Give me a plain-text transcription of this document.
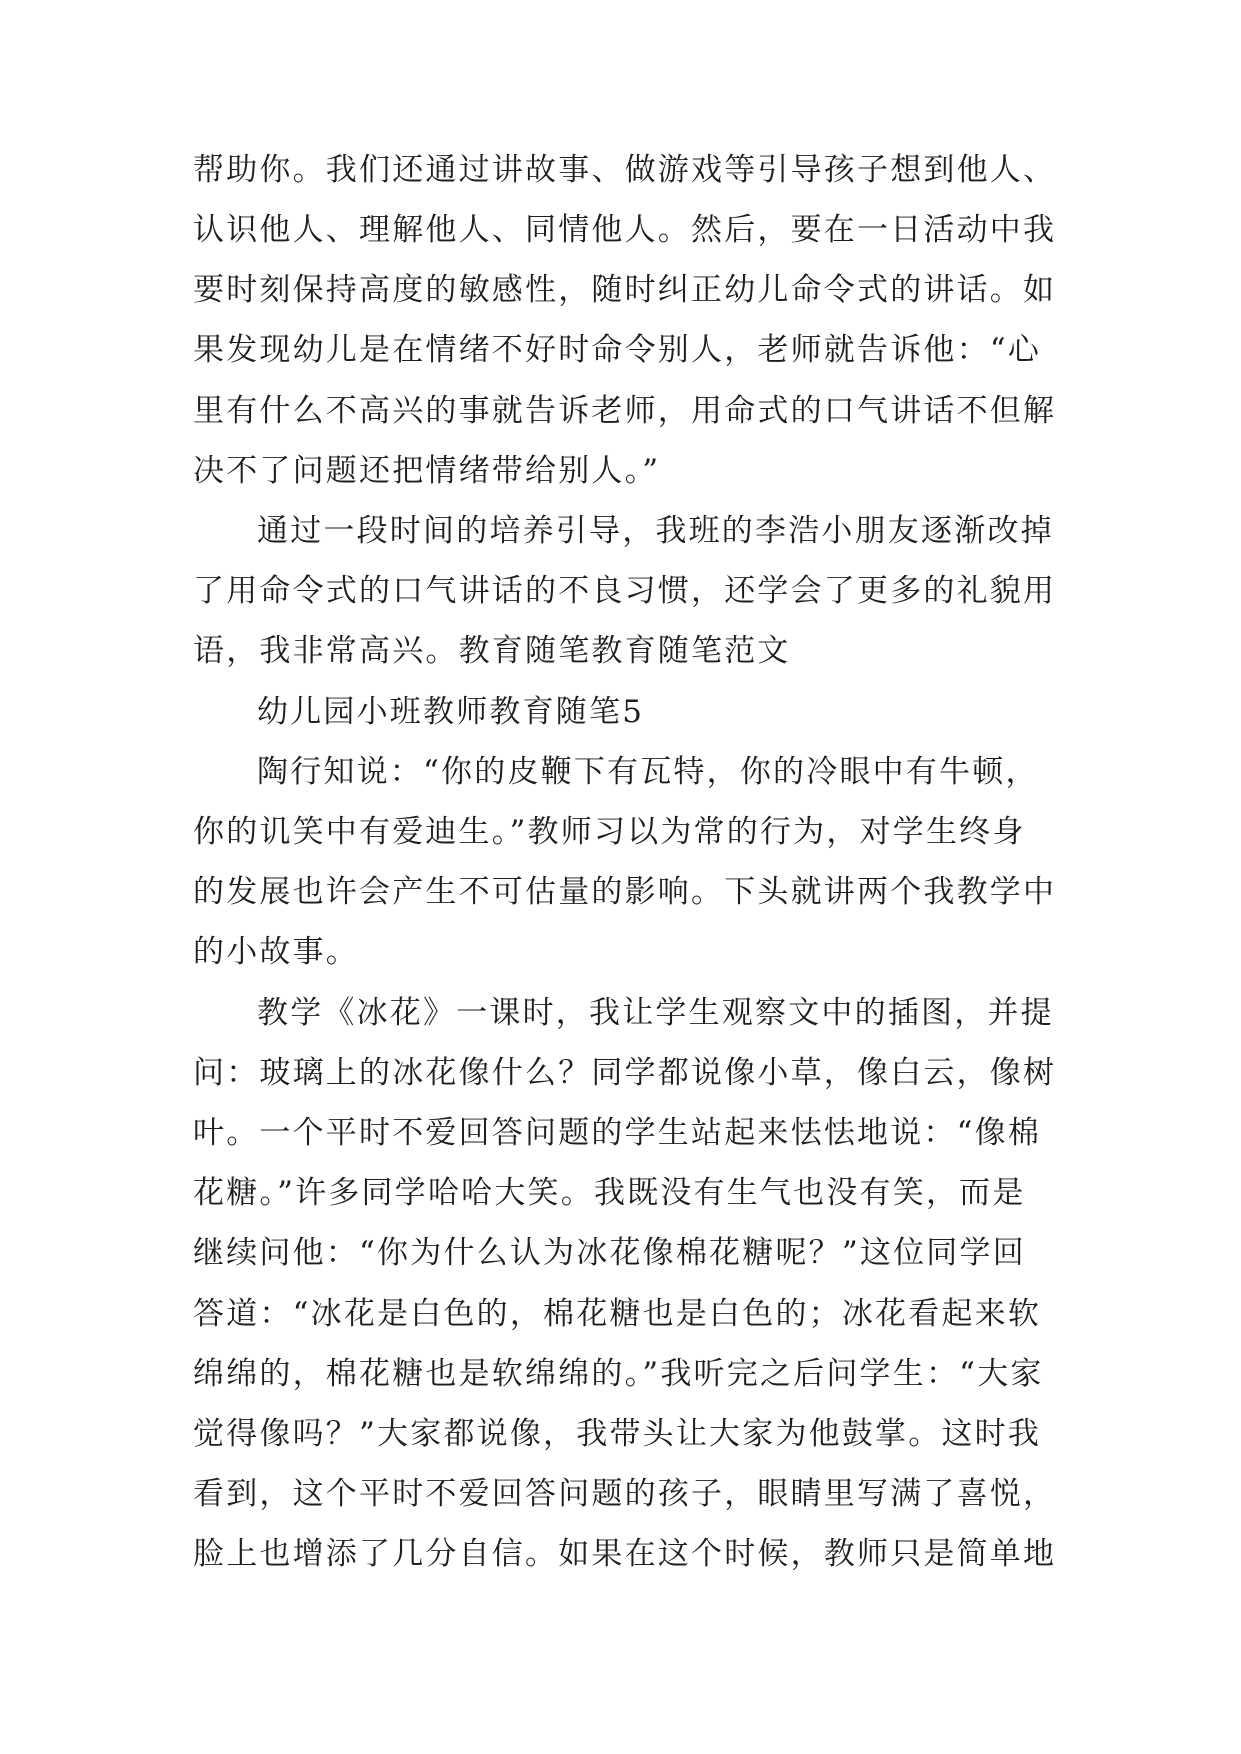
帮助你。我们还通过讲故事、做游戏等引导孩子想到他人、
认识他人、理解他人、同情他人。然后，要在一日活动中我
要时刻保持高度的敏感性，随时纠正幼儿命令式的讲话。如
果发现幼儿是在情绪不好时命令别人，老师就告诉他：“心
里有什么不高兴的事就告诉老师，用命式的口气讲话不但解
决不了问题还把情绪带给别人。”
通过一段时间的培养引导，我班的李浩小朋友逐渐改掉
了用命令式的口气讲话的不良习惯，还学会了更多的礼貌用
语，我非常高兴。教育随笔教育随笔范文
幼儿园小班教师教育随笔5
陶行知说：“你的皮鞭下有瓦特，你的冷眼中有牛顿，
你的讥笑中有爱迪生。”教师习以为常的行为，对学生终身
的发展也许会产生不可估量的影响。下头就讲两个我教学中
的小故事。
教学《冰花》一课时，我让学生观察文中的插图，并提
问：玻璃上的冰花像什么？同学都说像小草，像白云，像树
叶。一个平时不爱回答问题的学生站起来怯怯地说：“像棉
花糖。”许多同学哈哈大笑。我既没有生气也没有笑，而是
继续问他：“你为什么认为冰花像棉花糖呢？”这位同学回
答道：“冰花是白色的，棉花糖也是白色的；冰花看起来软
绵绵的，棉花糖也是软绵绵的。”我听完之后问学生：“大家
觉得像吗？”大家都说像，我带头让大家为他鼓掌。这时我
看到，这个平时不爱回答问题的孩子，眼睛里写满了喜悦，
脸上也增添了几分自信。如果在这个时候，教师只是简单地
